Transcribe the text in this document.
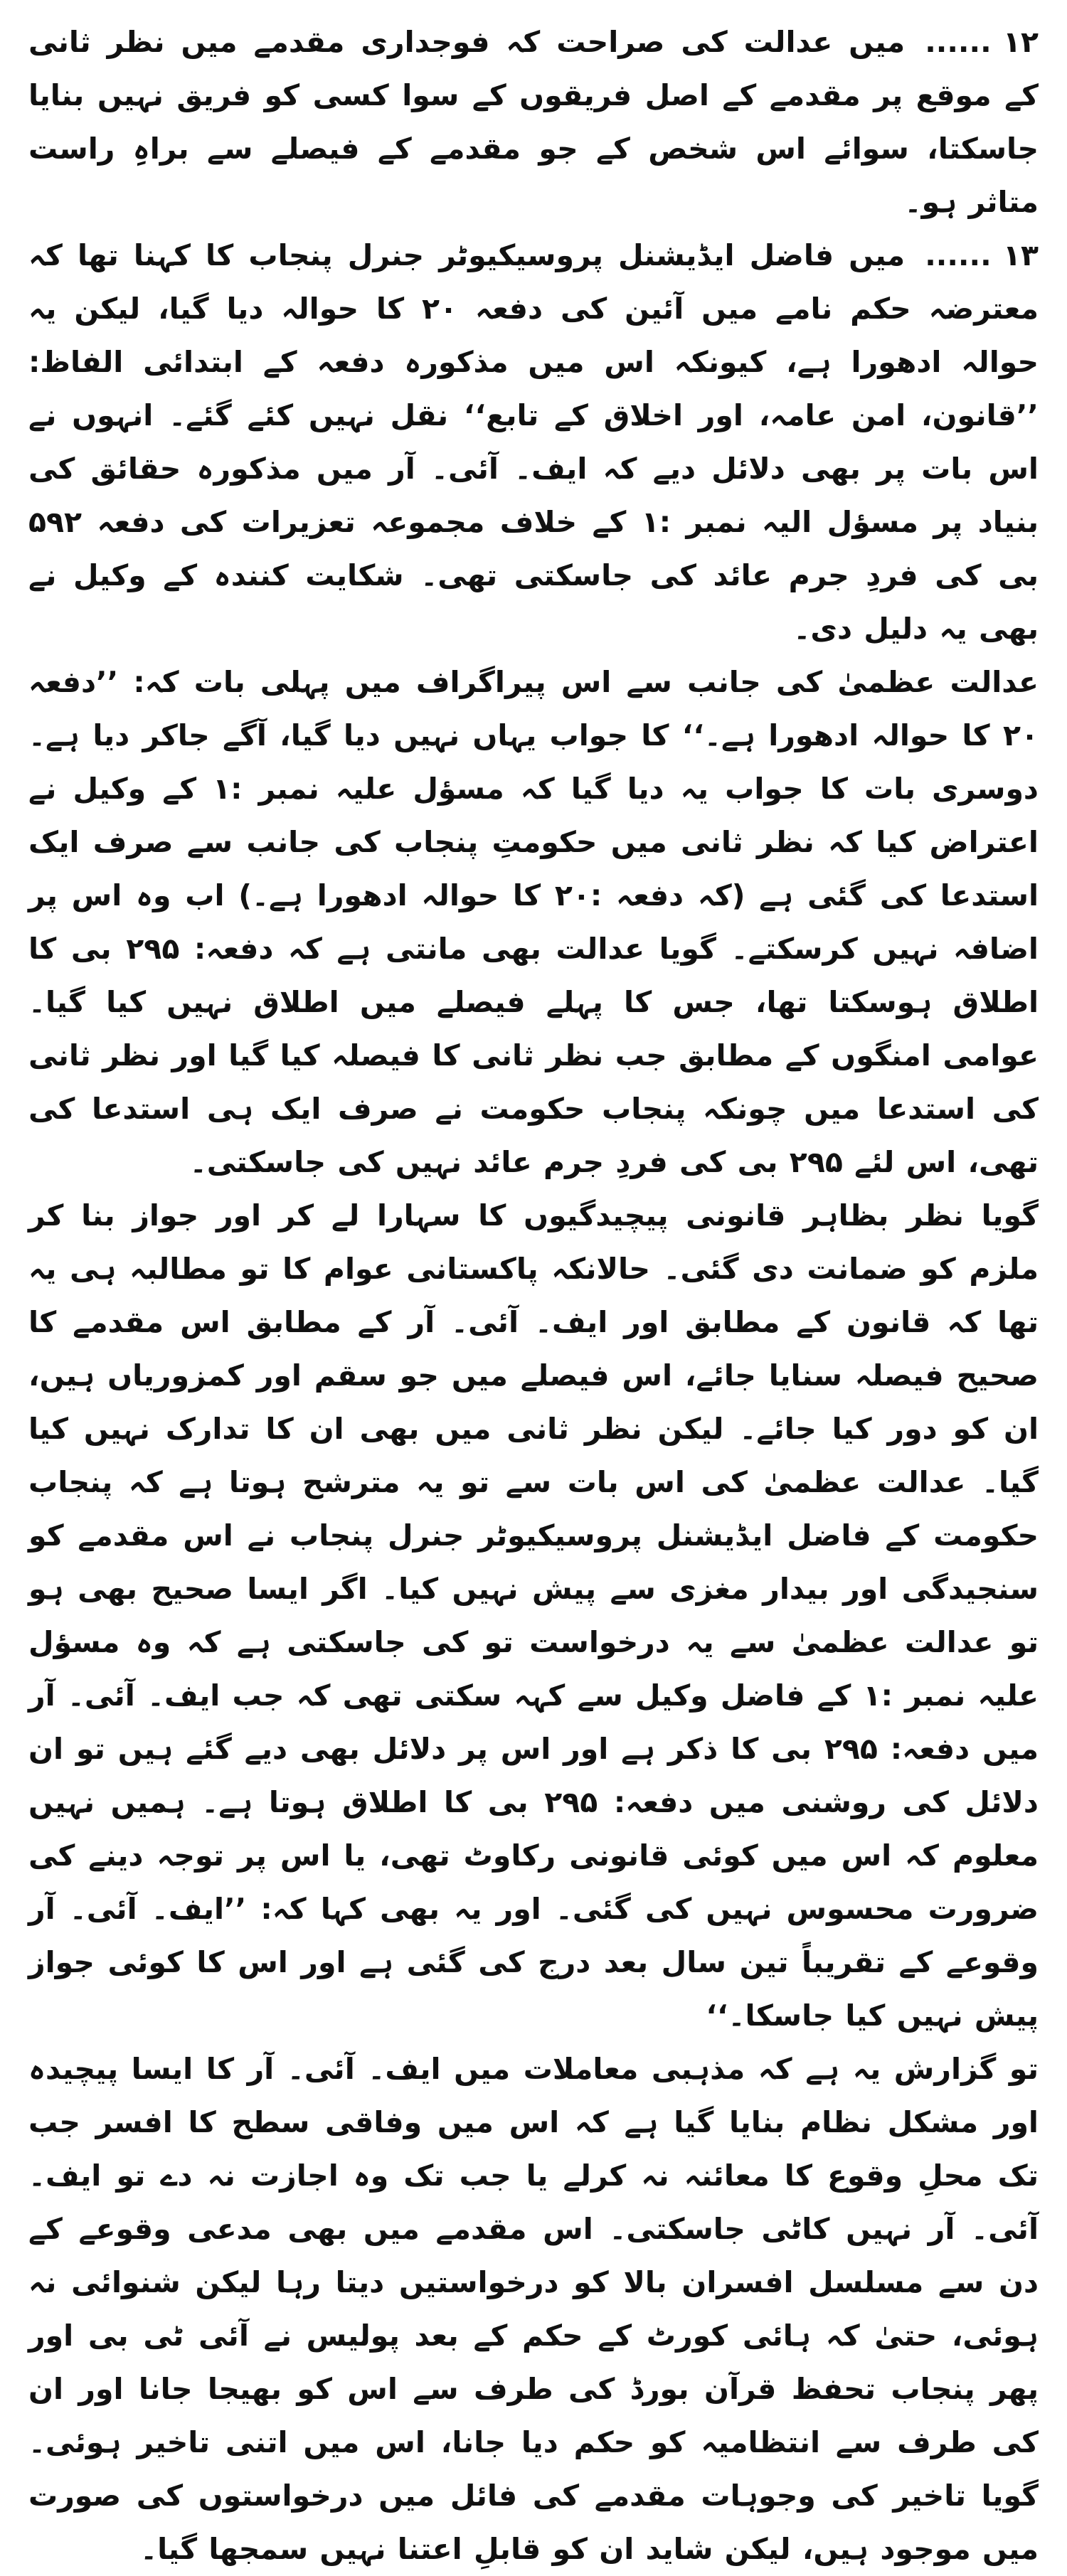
۱۲ ......میں عدالت کی صراحت کہ فوجداری مقدمے میں نظر ثانی کے موقع پر مقدمے کے اصل فریقوں کے سوا کسی کو فریق نہیں بنایا جاسکتا، سوائے اس شخص کے جو مقدمے کے فیصلے سے براہِ راست متاثر ہو۔

۱۳ ......میں فاضل ایڈیشنل پروسیکیوٹر جنرل پنجاب کا کہنا تھا کہ معترضہ حکم نامے میں آئین کی دفعہ ۲۰ کا حوالہ دیا گیا، لیکن یہ حوالہ ادھورا ہے، کیونکہ اس میں مذکورہ دفعہ کے ابتدائی الفاظ: ’’قانون، امن عامہ، اور اخلاق کے تابع‘‘ نقل نہیں کئے گئے۔ انہوں نے اس بات پر بھی دلائل دیے کہ ایف۔ آئی۔ آر میں مذکورہ حقائق کی بنیاد پر مسؤل الیہ نمبر :۱ کے خلاف مجموعہ تعزیرات کی دفعہ ۵۹۲ بی کی فردِ جرم عائد کی جاسکتی تھی۔ شکایت کنندہ کے وکیل نے بھی یہ دلیل دی۔

عدالت عظمیٰ کی جانب سے اس پیراگراف میں پہلی بات کہ: ’’دفعہ ۲۰ کا حوالہ ادھورا ہے۔‘‘ کا جواب یہاں نہیں دیا گیا، آگے جاکر دیا ہے۔ دوسری بات کا جواب یہ دیا گیا کہ مسؤل علیہ نمبر :۱ کے وکیل نے اعتراض کیا کہ نظر ثانی میں حکومتِ پنجاب کی جانب سے صرف ایک استدعا کی گئی ہے (کہ دفعہ :۲۰ کا حوالہ ادھورا ہے۔) اب وہ اس پر اضافہ نہیں کرسکتے۔ گویا عدالت بھی مانتی ہے کہ دفعہ: ۲۹۵ بی کا اطلاق ہوسکتا تھا، جس کا پہلے فیصلے میں اطلاق نہیں کیا گیا۔ عوامی امنگوں کے مطابق جب نظر ثانی کا فیصلہ کیا گیا اور نظر ثانی کی استدعا میں چونکہ پنجاب حکومت نے صرف ایک ہی استدعا کی تھی، اس لئے ۲۹۵ بی کی فردِ جرم عائد نہیں کی جاسکتی۔

گویا نظر بظاہر قانونی پیچیدگیوں کا سہارا لے کر اور جواز بنا کر ملزم کو ضمانت دی گئی۔ حالانکہ پاکستانی عوام کا تو مطالبہ ہی یہ تھا کہ قانون کے مطابق اور ایف۔ آئی۔ آر کے مطابق اس مقدمے کا صحیح فیصلہ سنایا جائے، اس فیصلے میں جو سقم اور کمزوریاں ہیں، ان کو دور کیا جائے۔ لیکن نظر ثانی میں بھی ان کا تدارک نہیں کیا گیا۔ عدالت عظمیٰ کی اس بات سے تو یہ مترشح ہوتا ہے کہ پنجاب حکومت کے فاضل ایڈیشنل پروسیکیوٹر جنرل پنجاب نے اس مقدمے کو سنجیدگی اور بیدار مغزی سے پیش نہیں کیا۔ اگر ایسا صحیح بھی ہو تو عدالت عظمیٰ سے یہ درخواست تو کی جاسکتی ہے کہ وہ مسؤل علیہ نمبر :۱ کے فاضل وکیل سے کہہ سکتی تھی کہ جب ایف۔ آئی۔ آر میں دفعہ: ۲۹۵ بی کا ذکر ہے اور اس پر دلائل بھی دیے گئے ہیں تو ان دلائل کی روشنی میں دفعہ: ۲۹۵ بی کا اطلاق ہوتا ہے۔ ہمیں نہیں معلوم کہ اس میں کوئی قانونی رکاوٹ تھی، یا اس پر توجہ دینے کی ضرورت محسوس نہیں کی گئی۔ اور یہ بھی کہا کہ: ’’ایف۔ آئی۔ آر وقوعے کے تقریباً تین سال بعد درج کی گئی ہے اور اس کا کوئی جواز پیش نہیں کیا جاسکا۔‘‘

تو گزارش یہ ہے کہ مذہبی معاملات میں ایف۔ آئی۔ آر کا ایسا پیچیدہ اور مشکل نظام بنایا گیا ہے کہ اس میں وفاقی سطح کا افسر جب تک محلِ وقوع کا معائنہ نہ کرلے یا جب تک وہ اجازت نہ دے تو ایف۔ آئی۔ آر نہیں کاٹی جاسکتی۔ اس مقدمے میں بھی مدعی وقوعے کے دن سے مسلسل افسران بالا کو درخواستیں دیتا رہا لیکن شنوائی نہ ہوئی، حتیٰ کہ ہائی کورٹ کے حکم کے بعد پولیس نے آئی ٹی بی اور پھر پنجاب تحفظ قرآن بورڈ کی طرف سے اس کو بھیجا جانا اور ان کی طرف سے انتظامیہ کو حکم دیا جانا، اس میں اتنی تاخیر ہوئی۔ گویا تاخیر کی وجوہات مقدمے کی فائل میں درخواستوں کی صورت میں موجود ہیں، لیکن شاید ان کو قابلِ اعتنا نہیں سمجھا گیا۔
